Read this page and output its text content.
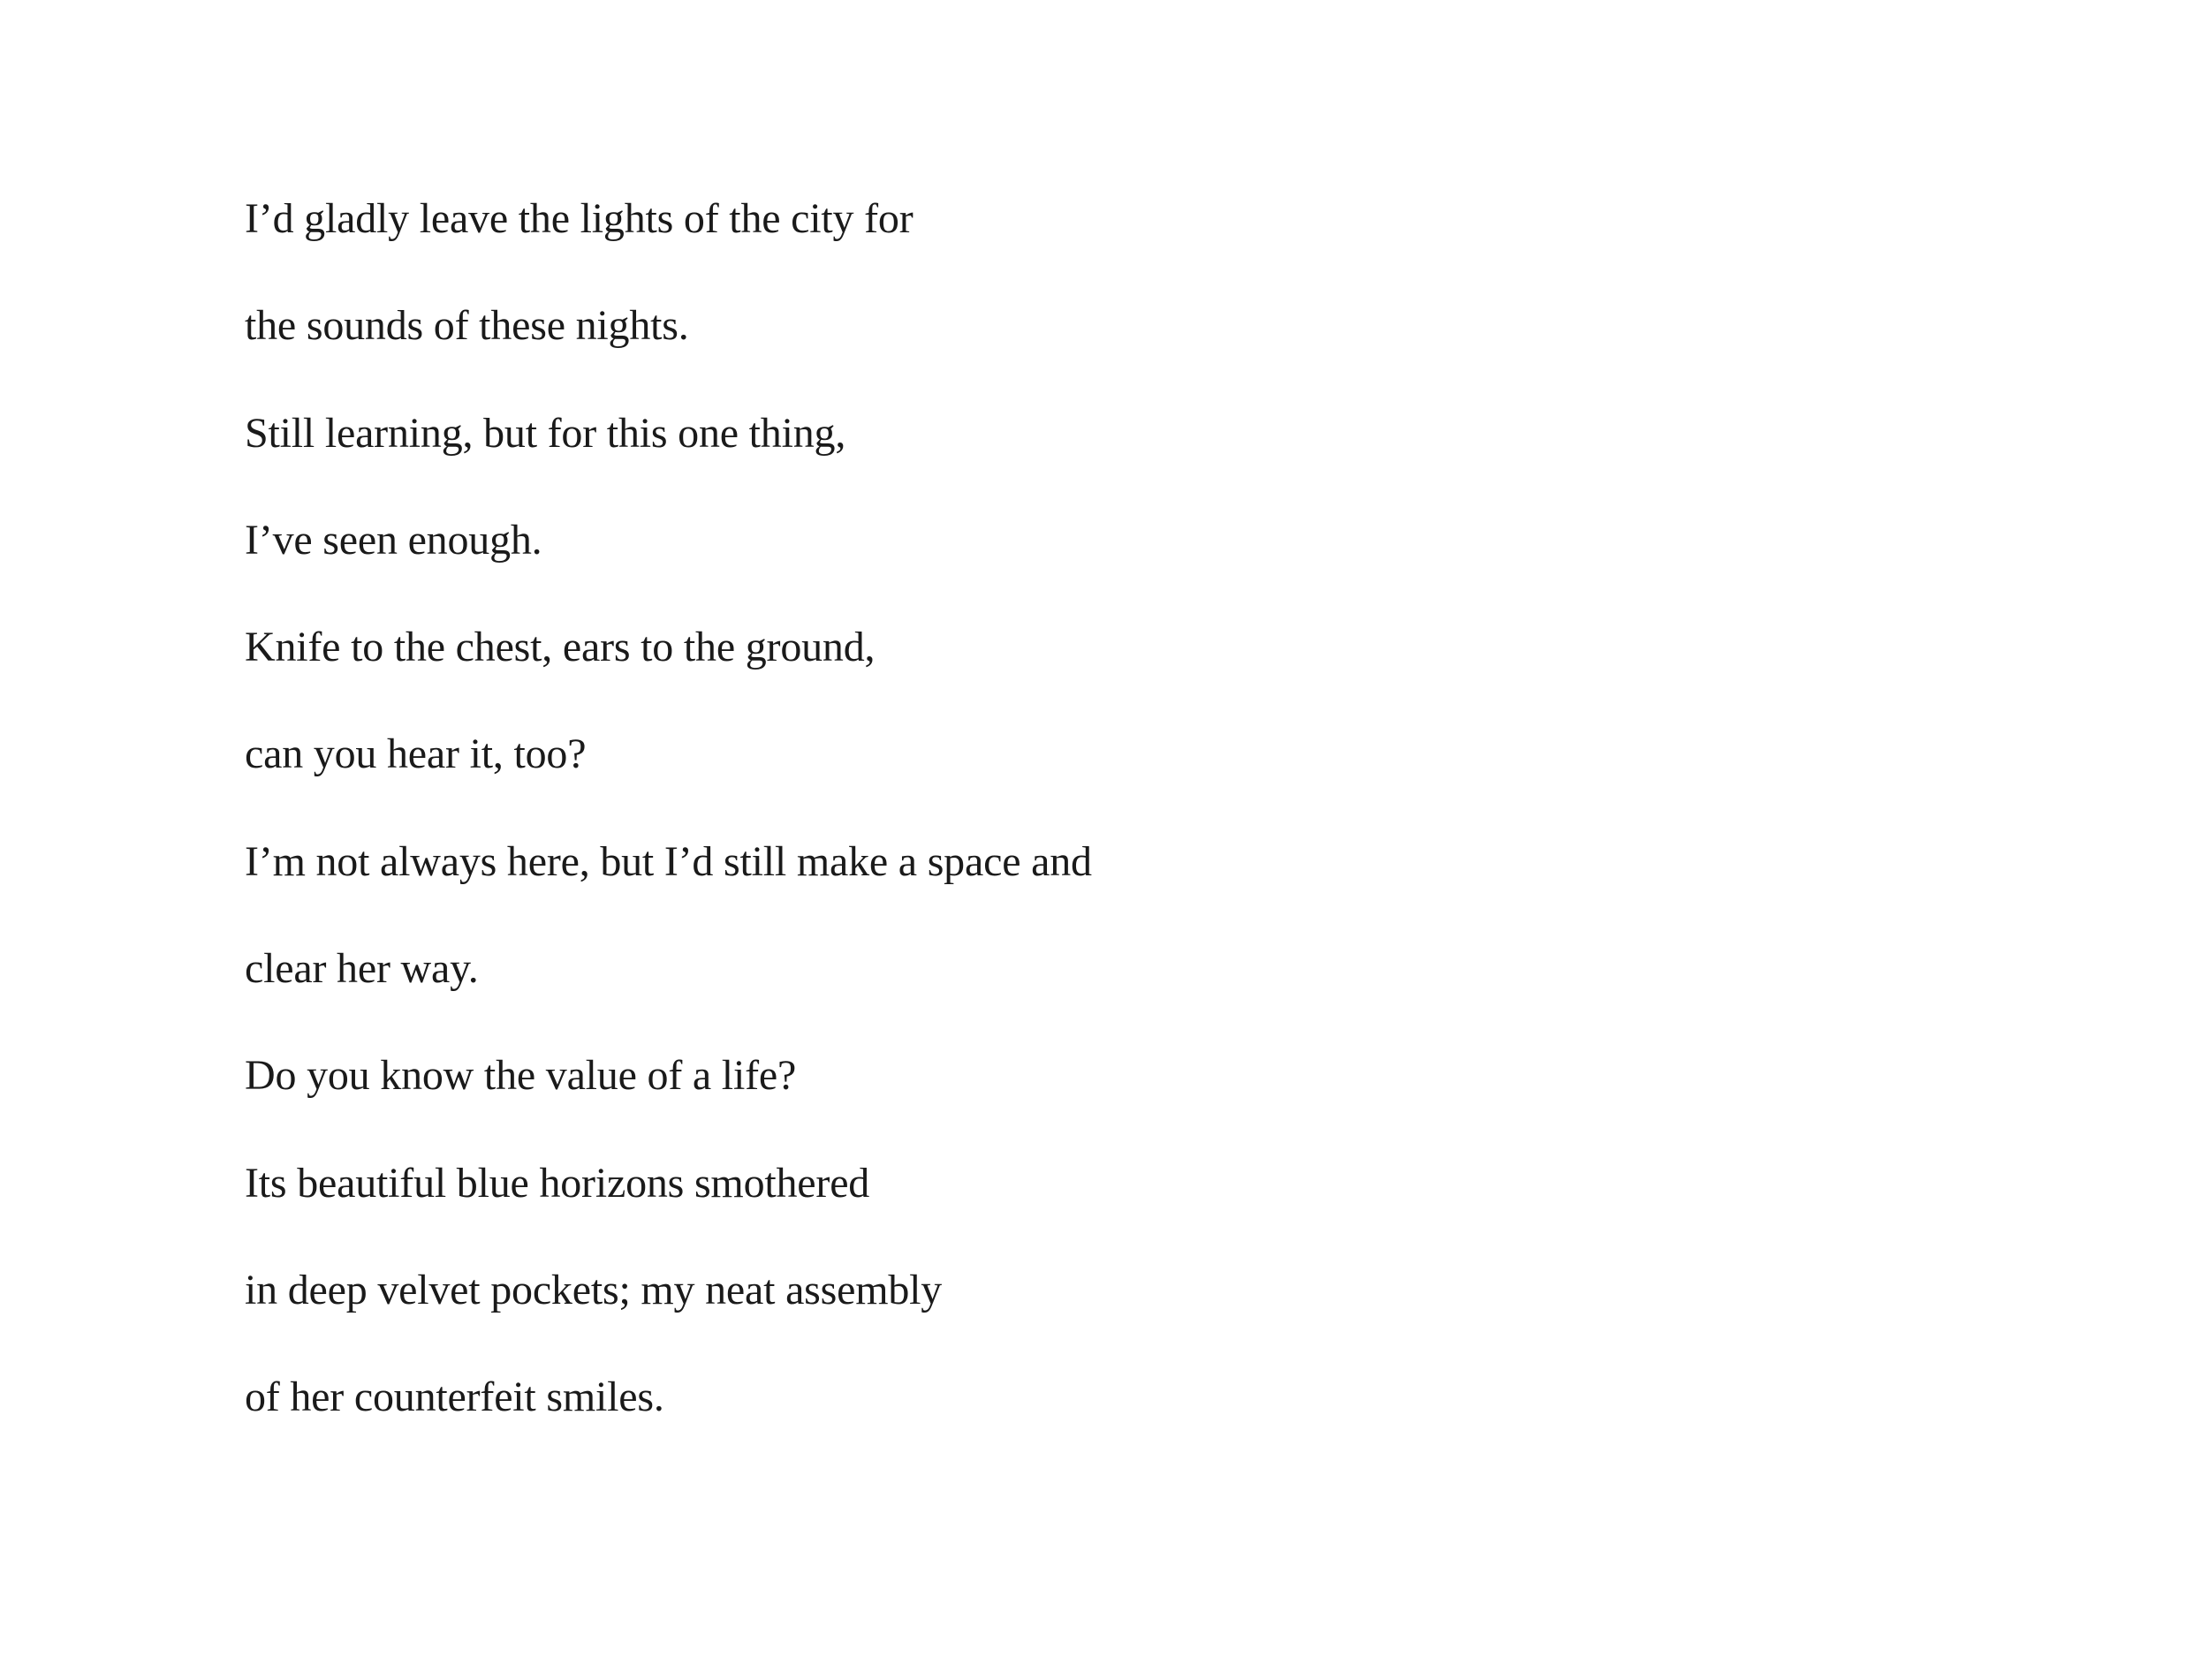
I’d gladly leave the lights of the city for
the sounds of these nights.
Still learning, but for this one thing,
I’ve seen enough.
Knife to the chest, ears to the ground,
can you hear it, too?
I’m not always here, but I’d still make a space and
clear her way.
Do you know the value of a life?
Its beautiful blue horizons smothered
in deep velvet pockets; my neat assembly
of her counterfeit smiles.
